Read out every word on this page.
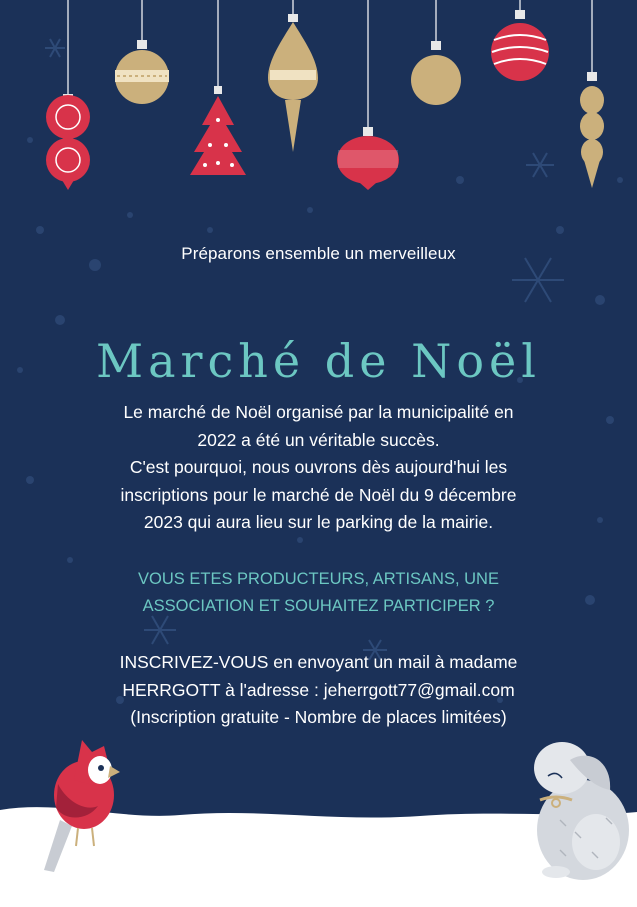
Préparons ensemble un merveilleux
Marché de Noël
Le marché de Noël organisé par la municipalité en
2022 a été un véritable succès.
C'est pourquoi, nous ouvrons dès aujourd'hui les
inscriptions pour le marché de Noël du 9 décembre
2023 qui aura lieu sur le parking de la mairie.
VOUS ETES PRODUCTEURS, ARTISANS, UNE
ASSOCIATION ET SOUHAITEZ PARTICIPER ?
INSCRIVEZ-VOUS en envoyant un mail à madame
HERRGOTT à l'adresse : jeherrgott77@gmail.com
(Inscription gratuite - Nombre de places limitées)
